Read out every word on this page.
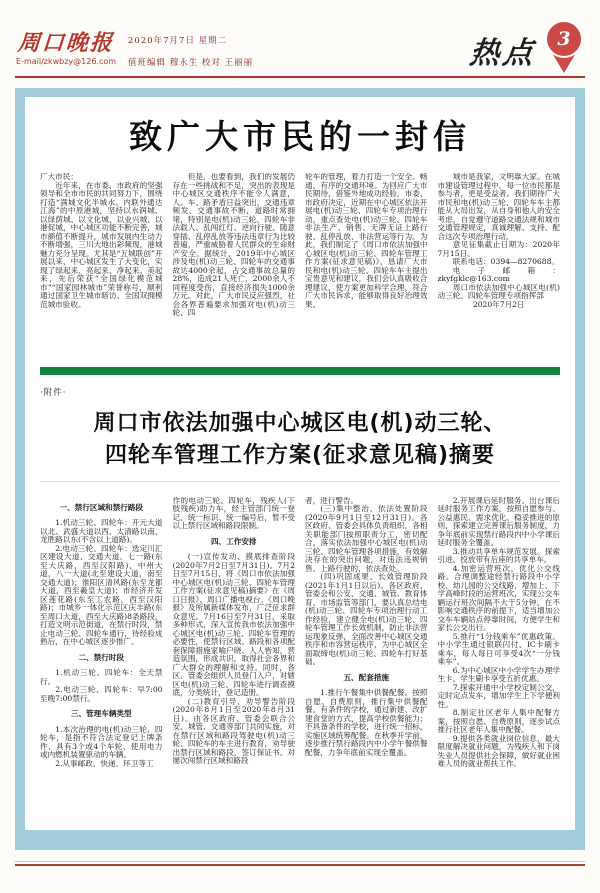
周口晚报
E-mail/zkwbzy@126.com
2020年7月7日 星期二
值班编辑 穆永生 校对 王丽丽	热点 3
致广大市民的一封信
广大市民：
近年来，在市委、市政府的坚强领导和全市市民的共同努力下，围绕打造“满城文化半城水、内联外通达江海”的中原港城，坚持以水润城、以绿荫城、以文化城、以业兴城、以港促城，中心城区功能不断完善，城市颜值不断提升，城市发展内生动力不断增强，三川大地出彩频现，港城魅力充分呈现。尤其是“五城联创”开展以来，中心城区发生了大变化，实现了绿起来、亮起来、净起来、美起来，先后荣获“全国绿化模范城市”“国家园林城市”荣誉称号，顺利通过国家卫生城市暗访、全国双拥模范城市验收。
但是，也要看到，我们的发展仍存在一些挑战和不足，突出的表现是中心城区交通秩序不能令人满意，人、车、路矛盾日益突出，交通违章频发、交通事故不断，道路时常拥堵，特别是电(机)动三轮、四轮车非法载人、乱闯红灯、逆向行驶、随意穿插、乱停乱放等违法违章行为比较普遍，严重威胁着人民群众的生命财产安全。据统计，2019年中心城区涉及电(机)动三轮、四轮车的交通事故达4000余起，占交通事故总量的28%，造成21人死亡，2000余人不同程度受伤，直接经济损失1000余万元。对此，广大市民反应强烈，社会各界普遍要求加强对电(机)动三轮、四
轮车的管理，着力打造一个安全、畅通、有序的交通环境。为回应广大市民期待，借鉴外地成功经验，市委、市政府决定，近期在中心城区依法开展电(机)动三轮、四轮车专项治理行动，重点查处电(机)动三轮、四轮车非法生产、销售、无牌无证上路行驶、乱停乱放、非法营运等行为。为此，我们制定了《周口市依法加强中心城区电(机)动三轮、四轮车管理工作方案(征求意见稿)》，恳请广大市民和电(机)动三轮、四轮车车主提出宝贵意见和建议，我们会认真吸收合理建议，使方案更加科学合理，符合广大市民诉求，能够取得良好治理效果。
城市是我家，文明靠大家。在城市建设管理过程中，每一位市民都是参与者，更是受益者。我们期待广大市民和电(机)动三轮、四轮车车主都能从大局出发，从自身和他人的安全考虑，自觉遵守道路交通法规和城市交通管理规定，真诚理解、支持、配合这次专项治理行动。
意见征集截止日期为：2020年7月15日。
联系电话：0394—8270688。
电子邮箱：zkyfgklc@163.com
周口市依法加强中心城区电(机)动三轮、四轮车管理专项指挥部
2020年7月2日
·附件·
周口市依法加强中心城区电(机)动三轮、
四轮车管理工作方案(征求意见稿)摘要
一、禁行区域和禁行路段
1.机动三轮、四轮车：开元大道以北、武盛大道以西、太清路以南、龙胜路以东(不含以上道路)。
2.电动三轮、四轮车：选定川汇区建设大道、交通大道、七一路(东至大庆路，西至汉阳路)，中州大道，八一大道(北至建设大道，南至交通大道)；淮阳区清风路(东至龙都大道，西至羲皇大道)；市经济开发区莲花路(东至工农路，西至汉阳路)；市城乡一体化示范区庆丰路(东至周口大道，西至大庆路)8条路段，打造文明示范街道，在禁行时段，禁止电动三轮、四轮车通行，待经验成熟后，在中心城区逐步推广。
二、禁行时段
1.机动三轮、四轮车：全天禁行。
2.电动三轮、四轮车：早7:00至晚7:00禁行。
三、管理车辆类型
1.本次治理的电(机)动三轮、四轮车，是指不符合法定登记上牌条件、具有3个或4个车轮、使用电力或内燃机装置驱动的车辆。
2.从事邮政、快递、环卫等工
作的电动三轮、四轮车，残疾人(下肢残疾)助力车，经主管部门统一登记、统一标识、统一编号后，暂不受以上禁行区域和路段限制。
四、工作安排
(一)宣传发动、摸底排查阶段(2020年7月2日至7月31日)。7月2日至7月15日，将《周口市依法加强中心城区电(机)动三轮、四轮车管理工作方案(征求意见稿)摘要》在《周口日报》、周口广播电视台、《周口晚报》及所属新媒体发布，广泛征求群众意见。7月16日至7月31日，采取多种形式，深入宣传我市依法加强中心城区电(机)动三轮、四轮车管理的必要性，使禁行区域、路段和各项配套保障措施家喻户晓、人人皆知，营造氛围，形成共识，取得社会各界和广大群众的理解和支持。同时，各区、管委会组织人员登门入户，对辖区电(机)动三轮、四轮车进行调查摸底，分类统计，登记造册。
(二)教育引导、劝导警告阶段(2020年8月1日至2020年8月31日)。由各区政府、管委会联合公安、城管、交通等部门共同实施，对在禁行区域和路段驾驶电(机)动三轮、四轮车的车主进行教育，劝导驶出禁行区域和路段，签订保证书。对屡次闯禁行区域和路段
者，进行警告。
(三)集中整治、依法处置阶段(2020年9月1日至12月31日)。各区政府、管委会具体负责组织，各相关职能部门按照职责分工，密切配合，落实依法加强中心城区电(机)动三轮、四轮车管理各项措施，有效解决存在的突出问题，对违法违规销售、上路行驶的，依法查处。
(四)巩固成果、长效管理阶段(2021年1月1日以后)。各区政府、管委会和公安、交通、城管、教育体育、市场监管等部门，要认真总结电(机)动三轮、四轮车专项治理行动工作经验，建立健全电(机)动三轮、四轮车管理工作长效机制，防止非法营运现象反弹，全面改善中心城区交通秩序和市容营运秩序，为中心城区全面取缔电(机)动三轮、四轮车打好基础。
五、配套措施
1.推行午餐集中供餐配餐。按照自愿、自费原则，推行集中供餐配餐。有条件的学校，通过新建、改扩建食堂的方式，提高学校供餐能力；不具备条件的学校，进行统一招标，实施区域统筹配餐。在秋季开学前，逐步推行禁行路段内中小学午餐供餐配餐，力争年底前实现全覆盖。
2.开展课后延时服务。出台课后延时服务工作方案，按照自愿参与、公益惠民、需求优化、稳妥推进的原则，探索建立完善课后服务制度，力争年底前实现禁行路段内中小学课后延时服务全覆盖。
3.推动共享单车规范发展。探索引进、投放带有后座的共享单车。
4.加密运营班次，优化公交线路。合理调整途经禁行路段中小学校、幼儿园的公交线路，增加上、下学高峰时段的运营班次，实现公交车辆运行班次间隔不大于5分钟。在不影响交通秩序的前提下，适当增加公交车车辆站点停靠时间，方便学生和家长公交出行。
5.推行“1分钱乘车”优惠政策。中小学生通过银联闪付、IC卡刷卡乘车，每人每日可享受4次“一分钱乘车”。
6.为中心城区中小学学生办理学生卡，学生刷卡享受五折优惠。
7.探索开通中小学校定制公交，定时定点发车，增加学生上下学便利性。
8.制定社区老年人集中配餐方案，按照自愿、自费原则，逐步试点推行社区老年人集中配餐。
9.提供各类就业岗位信息，最大限度解决就业问题，为残疾人和下岗失业人员提供社会保障，做好就业困难人员的就业帮扶工作。
